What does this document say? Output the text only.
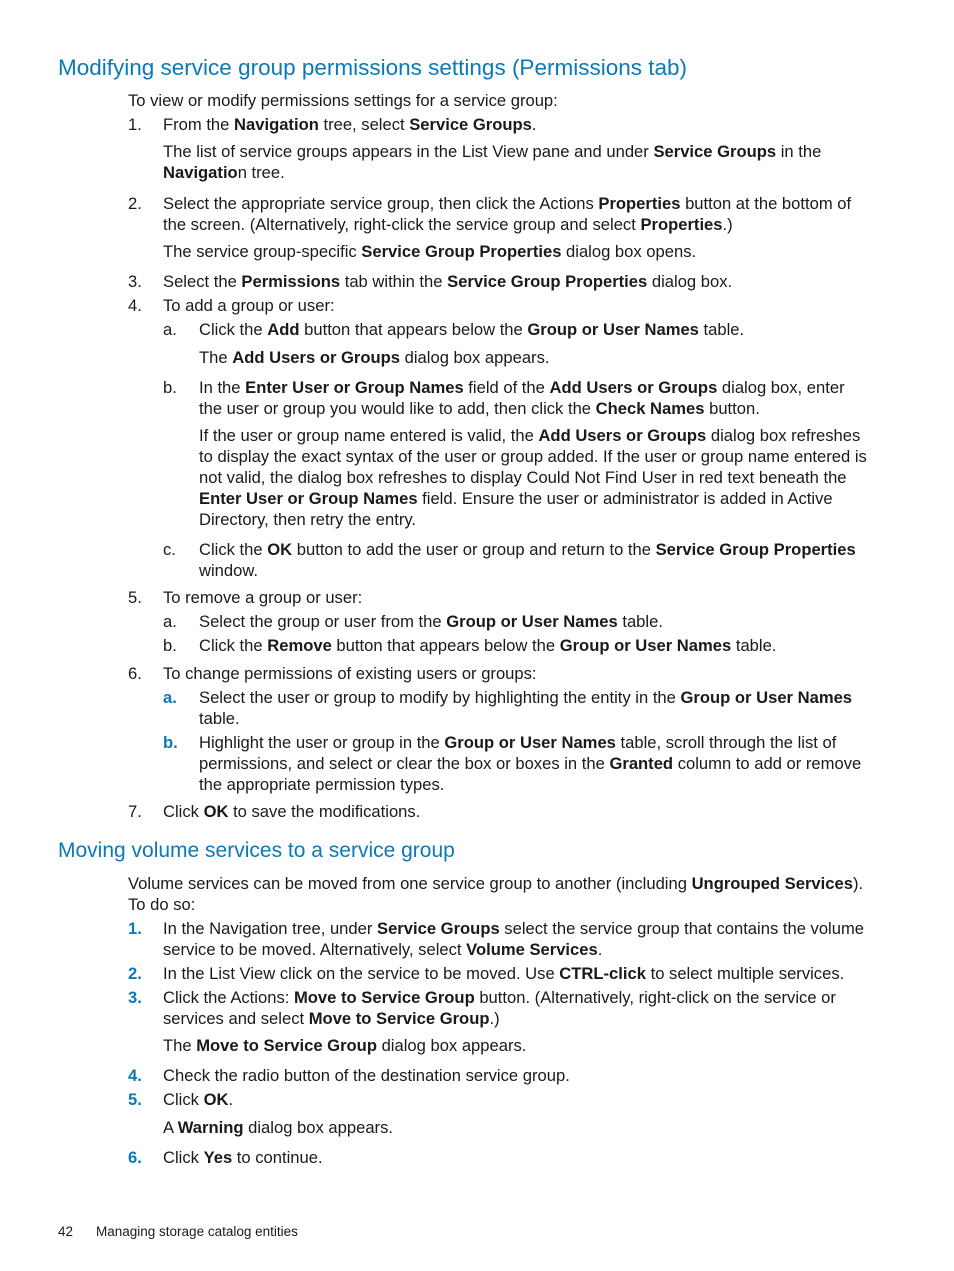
Modifying service group permissions settings (Permissions tab)

To view or modify permissions settings for a service group:

1. From the Navigation tree, select Service Groups.

The list of service groups appears in the List View pane and under Service Groups in the Navigation tree.

2. Select the appropriate service group, then click the Actions Properties button at the bottom of the screen. (Alternatively, right-click the service group and select Properties.)

The service group-specific Service Group Properties dialog box opens.

3. Select the Permissions tab within the Service Group Properties dialog box.

4. To add a group or user:

a. Click the Add button that appears below the Group or User Names table.

The Add Users or Groups dialog box appears.

b. In the Enter User or Group Names field of the Add Users or Groups dialog box, enter the user or group you would like to add, then click the Check Names button.

If the user or group name entered is valid, the Add Users or Groups dialog box refreshes to display the exact syntax of the user or group added. If the user or group name entered is not valid, the dialog box refreshes to display Could Not Find User in red text beneath the Enter User or Group Names field. Ensure the user or administrator is added in Active Directory, then retry the entry.

c. Click the OK button to add the user or group and return to the Service Group Properties window.

5. To remove a group or user:

a. Select the group or user from the Group or User Names table.

b. Click the Remove button that appears below the Group or User Names table.

6. To change permissions of existing users or groups:

a. Select the user or group to modify by highlighting the entity in the Group or User Names table.

b. Highlight the user or group in the Group or User Names table, scroll through the list of permissions, and select or clear the box or boxes in the Granted column to add or remove the appropriate permission types.

7. Click OK to save the modifications.

Moving volume services to a service group

Volume services can be moved from one service group to another (including Ungrouped Services). To do so:

1. In the Navigation tree, under Service Groups select the service group that contains the volume service to be moved. Alternatively, select Volume Services.

2. In the List View click on the service to be moved. Use CTRL-click to select multiple services.

3. Click the Actions: Move to Service Group button. (Alternatively, right-click on the service or services and select Move to Service Group.)

The Move to Service Group dialog box appears.

4. Check the radio button of the destination service group.

5. Click OK.

A Warning dialog box appears.

6. Click Yes to continue.

42 Managing storage catalog entities
